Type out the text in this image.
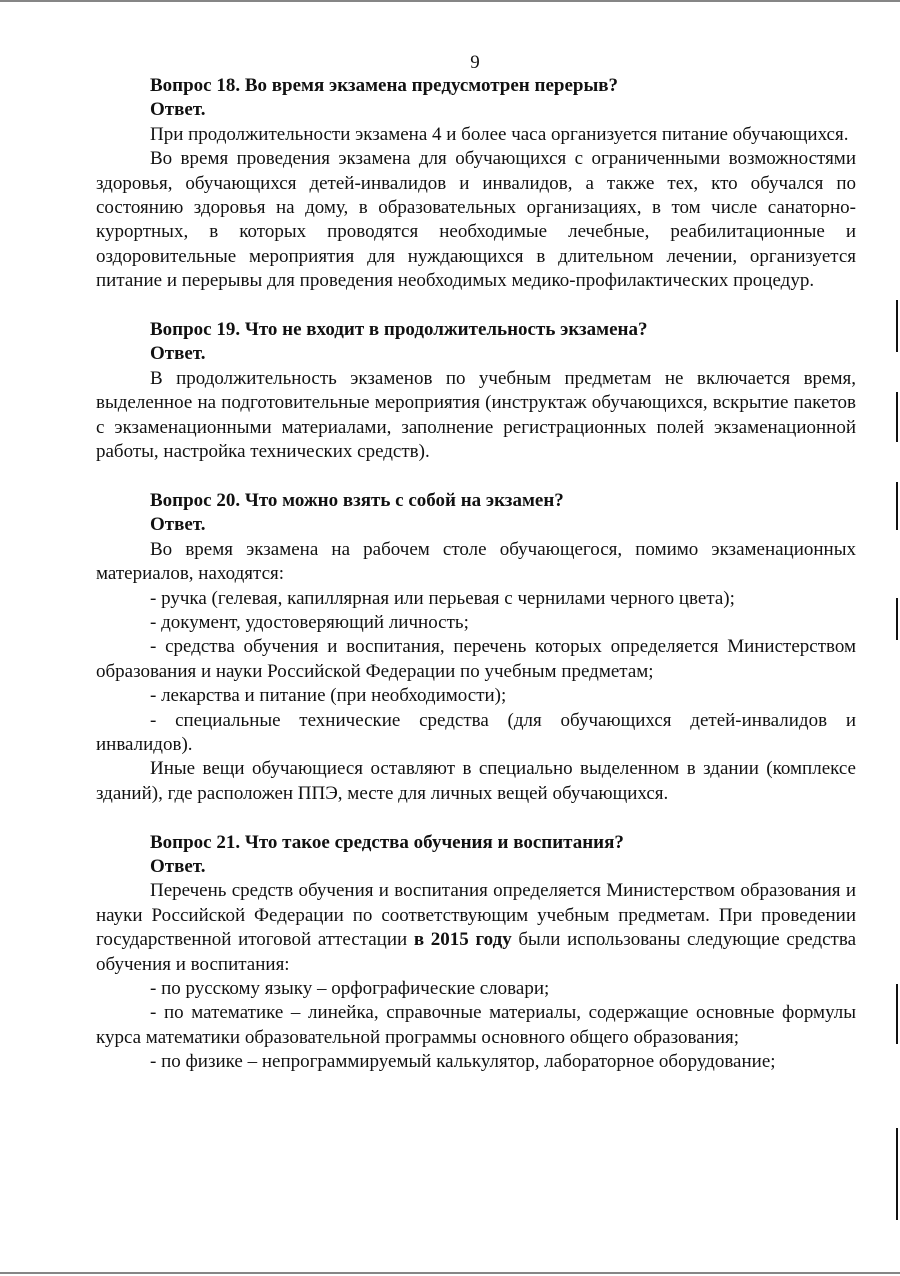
9

Вопрос 18. Во время экзамена предусмотрен перерыв?

Ответ.

При продолжительности экзамена 4 и более часа организуется питание обучающихся.

Во время проведения экзамена для обучающихся с ограниченными возможностями здоровья, обучающихся детей-инвалидов и инвалидов, а также тех, кто обучался по состоянию здоровья на дому, в образовательных организациях, в том числе санаторно-курортных, в которых проводятся необходимые лечебные, реабилитационные и оздоровительные мероприятия для нуждающихся в длительном лечении, организуется питание и перерывы для проведения необходимых медико-профилактических процедур.

Вопрос 19. Что не входит в продолжительность экзамена?

Ответ.

В продолжительность экзаменов по учебным предметам не включается время, выделенное на подготовительные мероприятия (инструктаж обучающихся, вскрытие пакетов с экзаменационными материалами, заполнение регистрационных полей экзаменационной работы, настройка технических средств).

Вопрос 20. Что можно взять с собой на экзамен?

Ответ.

Во время экзамена на рабочем столе обучающегося, помимо экзаменационных материалов, находятся:

- ручка (гелевая, капиллярная или перьевая с чернилами черного цвета);

- документ, удостоверяющий личность;

- средства обучения и воспитания, перечень которых определяется Министерством образования и науки Российской Федерации по учебным предметам;

- лекарства и питание (при необходимости);

- специальные технические средства (для обучающихся детей-инвалидов и инвалидов).

Иные вещи обучающиеся оставляют в специально выделенном в здании (комплексе зданий), где расположен ППЭ, месте для личных вещей обучающихся.

Вопрос 21. Что такое средства обучения и воспитания?

Ответ.

Перечень средств обучения и воспитания определяется Министерством образования и науки Российской Федерации по соответствующим учебным предметам. При проведении государственной итоговой аттестации в 2015 году были использованы следующие средства обучения и воспитания:

- по русскому языку – орфографические словари;

- по математике – линейка, справочные материалы, содержащие основные формулы курса математики образовательной программы основного общего образования;

- по физике – непрограммируемый калькулятор, лабораторное оборудование;
